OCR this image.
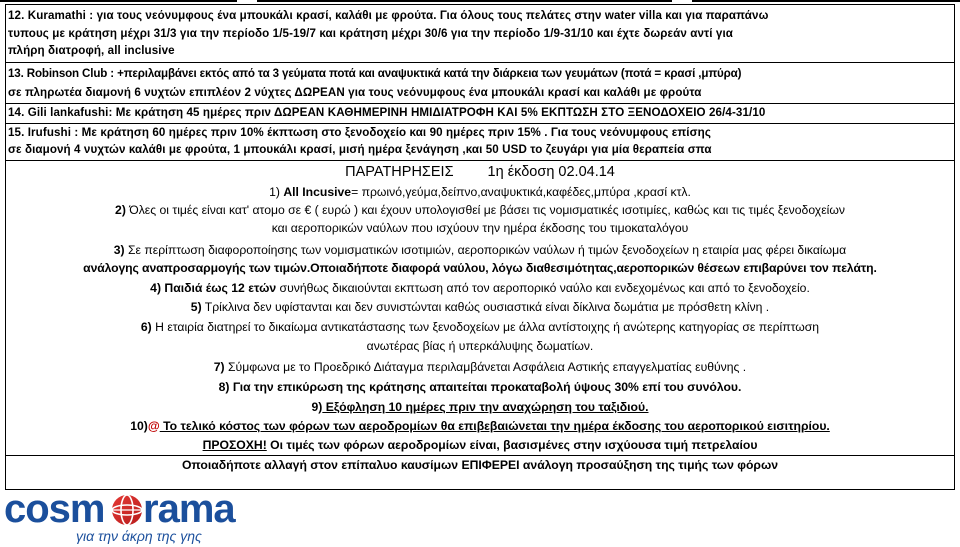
12. Kuramathi : για τους νεόνυμφους ένα μπουκάλι κρασί, καλάθι με φρούτα. Για όλους τους πελάτες στην water villa και για παραπάνω
τυπους με κράτηση μέχρι 31/3 για την περίοδο 1/5-19/7 και κράτηση μέχρι 30/6 για την περίοδο 1/9-31/10 και έχτε δωρεάν αντί για
πλήρη διατροφή, all inclusive
13. Robinson Club : +περιλαμβάνει εκτός από τα 3 γεύματα ποτά και αναψυκτικά κατά την διάρκεια των γευμάτων (ποτά = κρασί ,μπύρα)
σε πληρωτέα διαμονή 6 νυχτών επιπλέον 2 νύχτες ΔΩΡΕΑΝ για τους νεόνυμφους ένα μπουκάλι κρασί και καλάθι με φρούτα
14. Gili lankafushi: Με κράτηση 45 ημέρες πριν ΔΩΡΕΑΝ ΚΑΘΗΜΕΡΙΝΗ ΗΜΙΔΙΑΤΡΟΦΗ ΚΑΙ 5% ΕΚΠΤΩΣΗ ΣΤΟ ΞΕΝΟΔΟΧΕΙΟ 26/4-31/10
15. Irufushi : Με κράτηση 60 ημέρες πριν 10% έκπτωση στο ξενοδοχείο και 90 ημέρες πριν 15% . Για τους νεόνυμφους επίσης
σε διαμονή 4 νυχτών καλάθι με φρούτα, 1 μπουκάλι κρασί, μισή ημέρα ξενάγηση ,και 50 USD το ζευγάρι για μία θεραπεία σπα
ΠΑΡΑΤΗΡΗΣΕΙΣ 1η έκδοση 02.04.14
1) All Incusive= πρωινό,γεύμα,δείπνο,αναψυκτικά,καφέδες,μπύρα ,κρασί κτλ.
2) Όλες οι τιμές είναι κατ' ατομο σε € ( ευρώ ) και έχουν υπολογισθεί με βάσει τις νομισματικές ισοτιμίες, καθώς και τις τιμές ξενοδοχείων
και αεροπορικών ναύλων που ισχύουν την ημέρα έκδοσης του τιμοκαταλόγου
3) Σε περίπτωση διαφοροποίησης των νομισματικών ισοτιμιών, αεροπορικών ναύλων ή τιμών ξενοδοχείων η εταιρία μας φέρει δικαίωμα
ανάλογης αναπροσαρμογής των τιμών.Οποιαδήποτε διαφορά ναύλου, λόγω διαθεσιμότητας,αεροπορικών θέσεων επιβαρύνει τον πελάτη.
4) Παιδιά έως 12 ετών συνήθως δικαιούνται εκπτωση από τον αεροπορικό ναύλο και ενδεχομένως και από το ξενοδοχείο.
5) Τρίκλινα δεν υφίστανται και δεν συνιστώνται καθώς ουσιαστικά είναι δίκλινα δωμάτια με πρόσθετη κλίνη .
6) Η εταιρία διατηρεί το δικαίωμα αντικατάστασης των ξενοδοχείων με άλλα αντίστοιχης ή ανώτερης κατηγορίας σε περίπτωση
ανωτέρας βίας ή υπερκάλυψης δωματίων.
7) Σύμφωνα με το Προεδρικό Διάταγμα περιλαμβάνεται Ασφάλεια Αστικής επαγγελματίας ευθύνης .
8) Για την επικύρωση της κράτησης απαιτείται προκαταβολή ύψους 30% επί του συνόλου.
9) Εξόφληση 10 ημέρες πριν την αναχώρηση του ταξιδιού.
10)@ Το τελικό κόστος των φόρων των αεροδρομίων θα επιβεβαιώνεται την ημέρα έκδοσης του αεροπορικού εισιτηρίου.
ΠΡΟΣΟΧΗ! Οι τιμές των φόρων αεροδρομίων είναι, βασισμένες στην ισχύουσα τιμή πετρελαίου
Οποιαδήποτε αλλαγή στον επίπαλυο καυσίμων ΕΠΙΦΕΡΕΙ ανάλογη προσαύξηση της τιμής των φόρων
cosm rama
για την άκρη της γης
